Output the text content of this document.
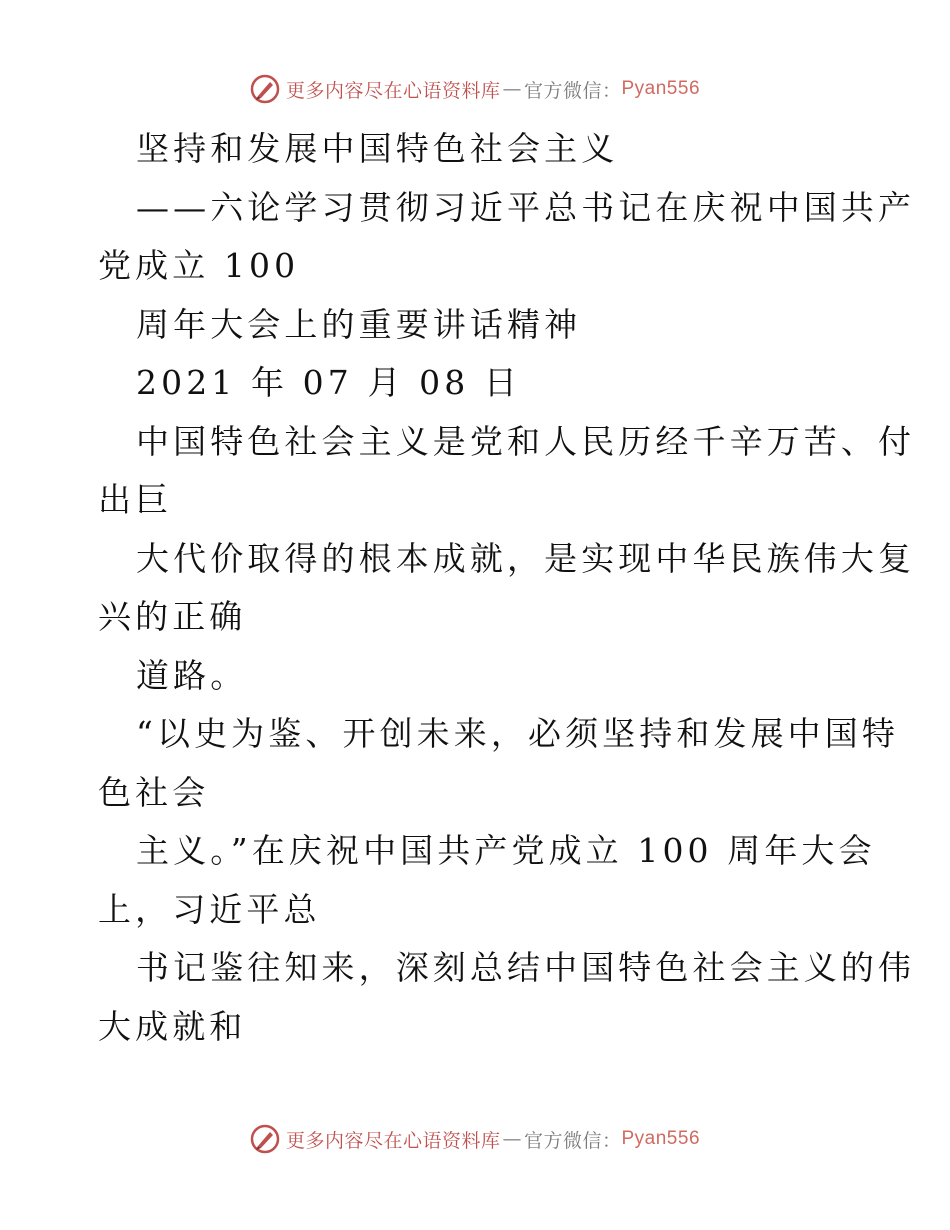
更多内容尽在心语资料库 — 官方微信： Pyan556

坚持和发展中国特色社会主义

——六论学习贯彻习近平总书记在庆祝中国共产

党成立 100

周年大会上的重要讲话精神

2021 年 07 月 08 日

中国特色社会主义是党和人民历经千辛万苦、付

出巨

大代价取得的根本成就，是实现中华民族伟大复

兴的正确

道路。

“以史为鉴、开创未来，必须坚持和发展中国特

色社会

主义。”在庆祝中国共产党成立 100 周年大会

上，习近平总

书记鉴往知来，深刻总结中国特色社会主义的伟

大成就和

更多内容尽在心语资料库 — 官方微信： Pyan556
